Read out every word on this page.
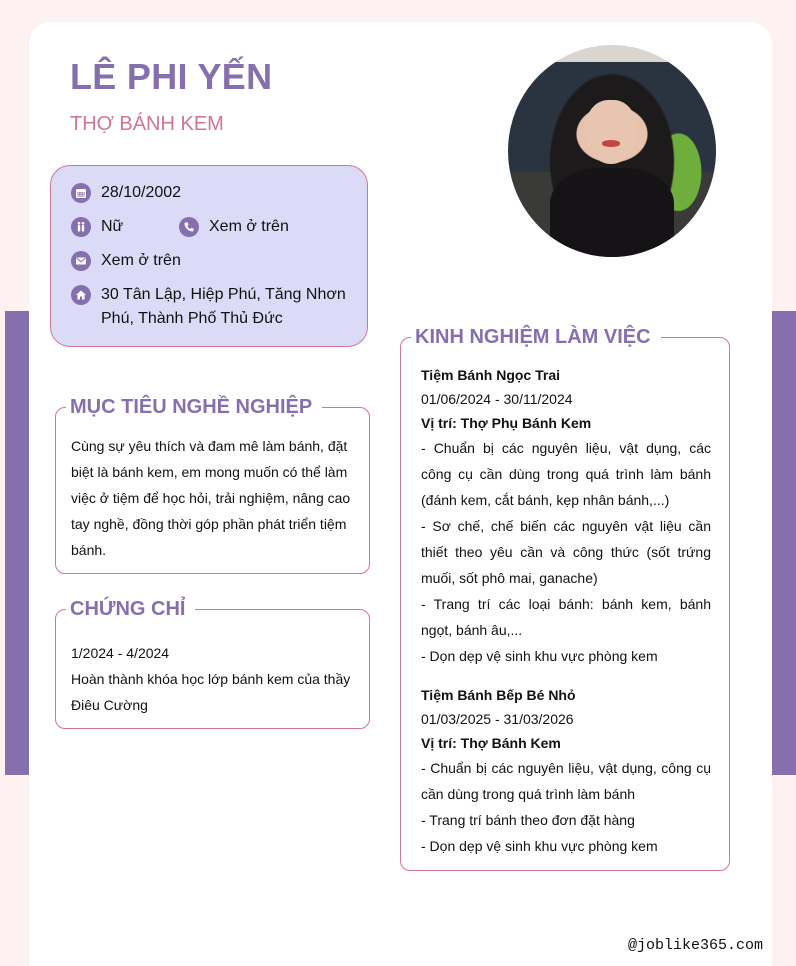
LÊ PHI YẾN
THỢ BÁNH KEM
28/10/2002
Nữ	Xem ở trên
Xem ở trên
30 Tân Lập, Hiệp Phú, Tăng Nhơn
Phú, Thành Phố Thủ Đức
MỤC TIÊU NGHỀ NGHIỆP
Cùng sự yêu thích và đam mê làm bánh, đặt
biệt là bánh kem, em mong muốn có thể làm
việc ở tiệm để học hỏi, trải nghiệm, nâng cao
tay nghề, đồng thời góp phần phát triển tiệm
bánh.
CHỨNG CHỈ
1/2024 - 4/2024
Hoàn thành khóa học lớp bánh kem của thầy
Điêu Cường
KINH NGHIỆM LÀM VIỆC
Tiệm Bánh Ngọc Trai
01/06/2024 - 30/11/2024
Vị trí: Thợ Phụ Bánh Kem
- Chuẩn bị các nguyên liệu, vật dụng, các công cụ cần dùng trong quá trình làm bánh (đánh kem, cắt bánh, kẹp nhân bánh,...)
- Sơ chế, chế biến các nguyên vật liệu cần thiết theo yêu cần và công thức (sốt trứng muối, sốt phô mai, ganache)
- Trang trí các loại bánh: bánh kem, bánh ngọt, bánh âu,...
- Dọn dẹp vệ sinh khu vực phòng kem
Tiệm Bánh Bếp Bé Nhỏ
01/03/2025 - 31/03/2026
Vị trí: Thợ Bánh Kem
- Chuẩn bị các nguyên liệu, vật dụng, công cụ cần dùng trong quá trình làm bánh
- Trang trí bánh theo đơn đặt hàng
- Dọn dẹp vệ sinh khu vực phòng kem
@joblike365.com
